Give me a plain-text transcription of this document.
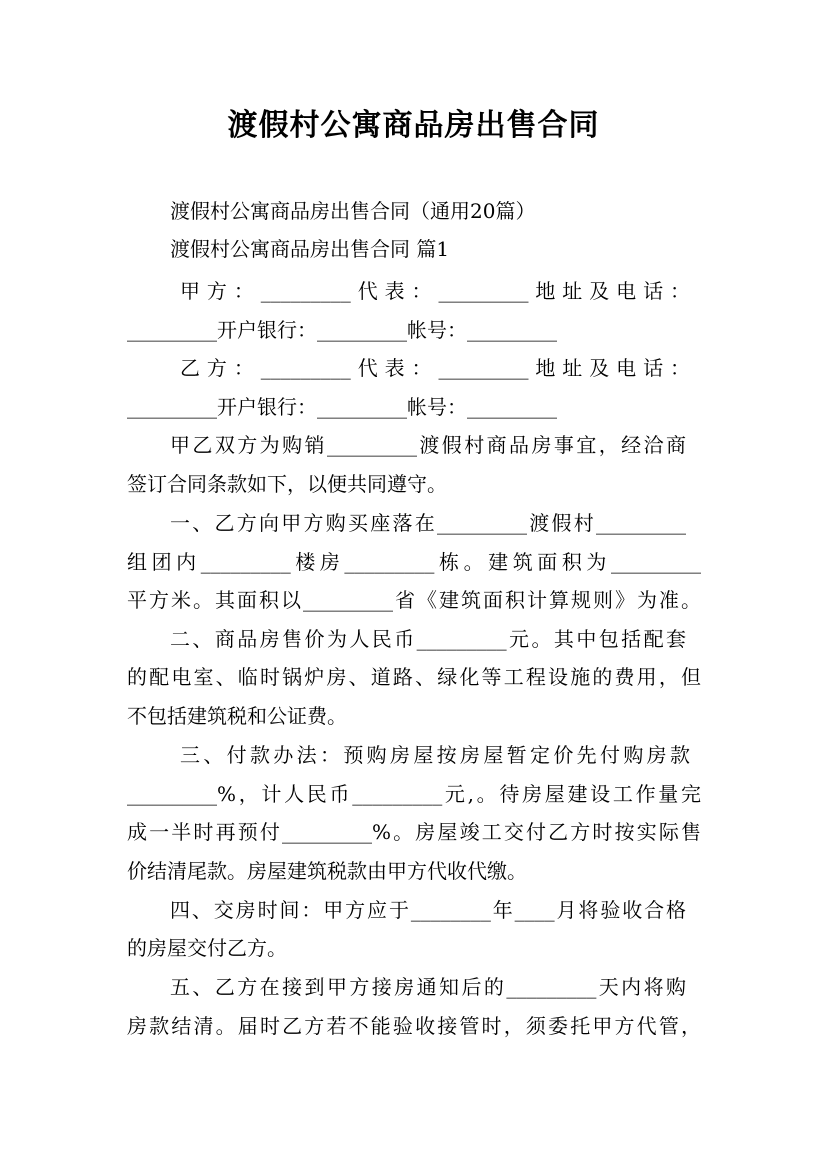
渡假村公寓商品房出售合同
渡假村公寓商品房出售合同（通用20篇）
渡假村公寓商品房出售合同 篇1
甲方：_________代表：_________地址及电话：
_________开户银行：_________帐号：_________
乙方：_________代表：_________地址及电话：
_________开户银行：_________帐号：_________
甲乙双方为购销_________渡假村商品房事宜，经洽商
签订合同条款如下，以便共同遵守。
一、乙方向甲方购买座落在_________渡假村_________
组团内_________楼房_________栋。建筑面积为_________
平方米。其面积以_________省《建筑面积计算规则》为准。
二、商品房售价为人民币_________元。其中包括配套
的配电室、临时锅炉房、道路、绿化等工程设施的费用，但
不包括建筑税和公证费。
三、付款办法：预购房屋按房屋暂定价先付购房款
_________%，计人民币_________元,。待房屋建设工作量完
成一半时再预付_________%。房屋竣工交付乙方时按实际售
价结清尾款。房屋建筑税款由甲方代收代缴。
四、交房时间：甲方应于________年____月将验收合格
的房屋交付乙方。
五、乙方在接到甲方接房通知后的_________天内将购
房款结清。届时乙方若不能验收接管时，须委托甲方代管，
